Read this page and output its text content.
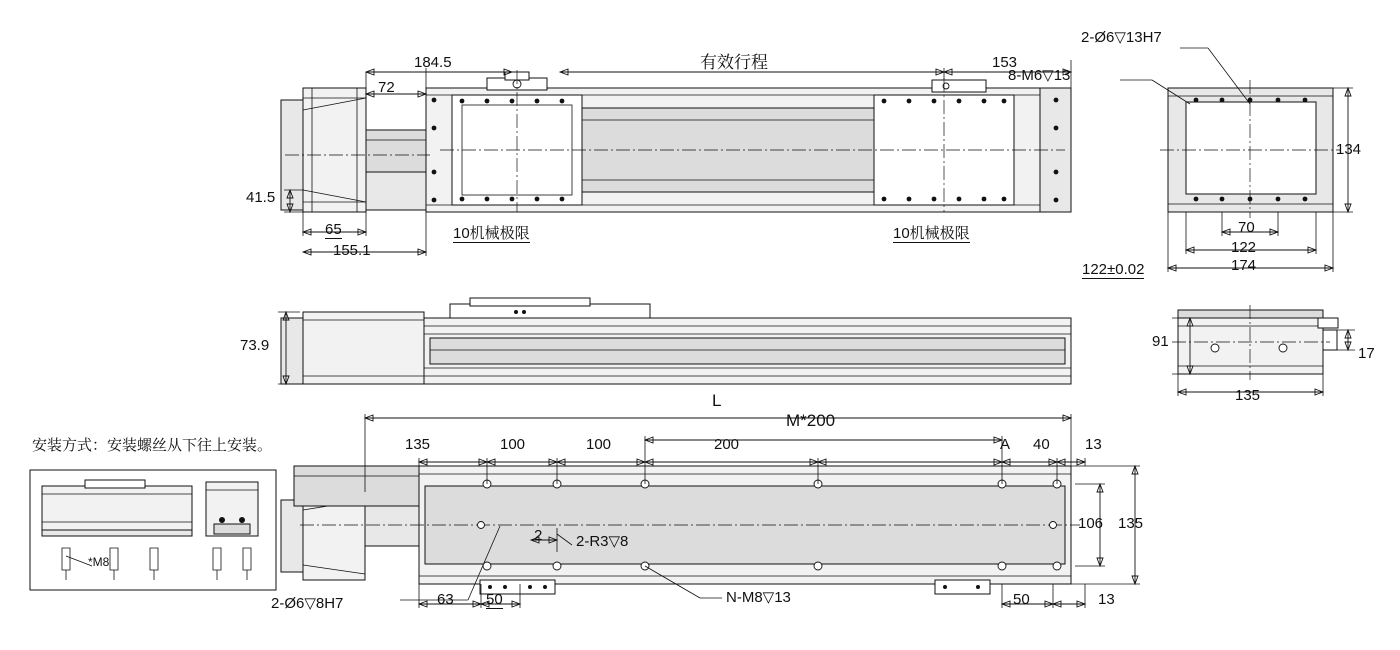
184.5
72
有效行程	153
41.5
65
155.1
10机械极限	10机械极限
73.9
L
M*200
135	100	100	200	A 40 13
106 135
2 2-R3▽8
2-Ø6▽8H7	63 50	N-M8▽13	50	13
2-Ø6▽13H7
8-M6▽13
134
70
122
174
122±0.02
91
17
135
安装方式：安装螺丝从下往上安装。
*M8
